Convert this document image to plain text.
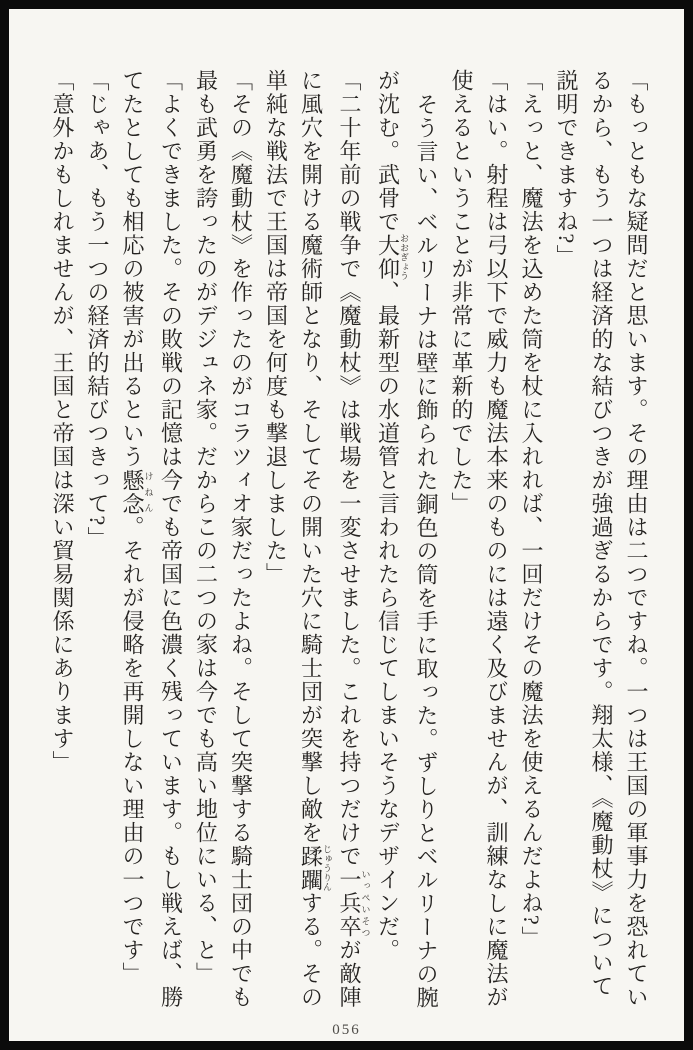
「もっともな疑問だと思います。その理由は二つですね。一つは王国の軍事力を恐れてい
るから、もう一つは経済的な結びつきが強過ぎるからです。翔太様、《魔動杖》について
説明できますね?」
「えっと、魔法を込めた筒を杖に入れれば、一回だけその魔法を使えるんだよね?」
「はい。射程は弓以下で威力も魔法本来のものには遠く及びませんが、訓練なしに魔法が
使えるということが非常に革新的でした」
そう言い、ベルリーナは壁に飾られた銅色の筒を手に取った。ずしりとベルリーナの腕
が沈む。武骨で大仰おおぎょう、最新型の水道管と言われたら信じてしまいそうなデザインだ。
「二十年前の戦争で《魔動杖》は戦場を一変させました。これを持つだけで一兵卒いっぺいそつが敵陣
に風穴を開ける魔術師となり、そしてその開いた穴に騎士団が突撃し敵を蹂躙じゅうりんする。その
単純な戦法で王国は帝国を何度も撃退しました」
「その《魔動杖》を作ったのがコラツィオ家だったよね。そして突撃する騎士団の中でも
最も武勇を誇ったのがデジュネ家。だからこの二つの家は今でも高い地位にいる、と」
「よくできました。その敗戦の記憶は今でも帝国に色濃く残っています。もし戦えば、勝
てたとしても相応の被害が出るという懸念けねん。それが侵略を再開しない理由の一つです」
「じゃあ、もう一つの経済的結びつきって?」
「意外かもしれませんが、王国と帝国は深い貿易関係にあります」
056
